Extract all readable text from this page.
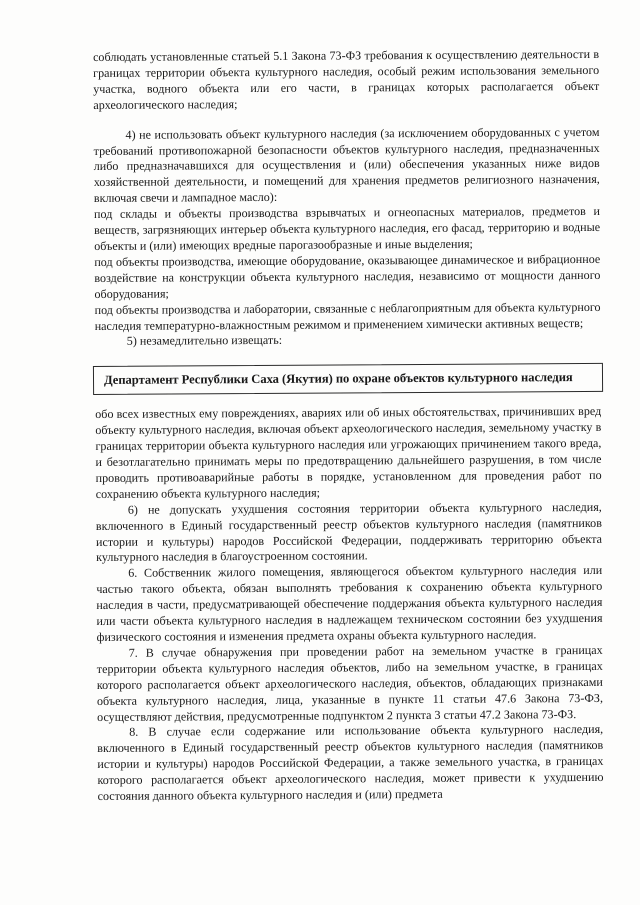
соблюдать установленные статьей 5.1 Закона 73-ФЗ требования к осуществлению деятельности в границах территории объекта культурного наследия, особый режим использования земельного участка, водного объекта или его части, в границах которых располагается объект археологического наследия;

4) не использовать объект культурного наследия (за исключением оборудованных с учетом требований противопожарной безопасности объектов культурного наследия, предназначенных либо предназначавшихся для осуществления и (или) обеспечения указанных ниже видов хозяйственной деятельности, и помещений для хранения предметов религиозного назначения, включая свечи и лампадное масло):

под склады и объекты производства взрывчатых и огнеопасных материалов, предметов и веществ, загрязняющих интерьер объекта культурного наследия, его фасад, территорию и водные объекты и (или) имеющих вредные парогазообразные и иные выделения;

под объекты производства, имеющие оборудование, оказывающее динамическое и вибрационное воздействие на конструкции объекта культурного наследия, независимо от мощности данного оборудования;

под объекты производства и лаборатории, связанные с неблагоприятным для объекта культурного наследия температурно-влажностным режимом и применением химически активных веществ;

5) незамедлительно извещать:

Департамент Республики Саха (Якутия) по охране объектов культурного наследия

обо всех известных ему повреждениях, авариях или об иных обстоятельствах, причинивших вред объекту культурного наследия, включая объект археологического наследия, земельному участку в границах территории объекта культурного наследия или угрожающих причинением такого вреда, и безотлагательно принимать меры по предотвращению дальнейшего разрушения, в том числе проводить противоаварийные работы в порядке, установленном для проведения работ по сохранению объекта культурного наследия;

6) не допускать ухудшения состояния территории объекта культурного наследия, включенного в Единый государственный реестр объектов культурного наследия (памятников истории и культуры) народов Российской Федерации, поддерживать территорию объекта культурного наследия в благоустроенном состоянии.

6. Собственник жилого помещения, являющегося объектом культурного наследия или частью такого объекта, обязан выполнять требования к сохранению объекта культурного наследия в части, предусматривающей обеспечение поддержания объекта культурного наследия или части объекта культурного наследия в надлежащем техническом состоянии без ухудшения физического состояния и изменения предмета охраны объекта культурного наследия.

7. В случае обнаружения при проведении работ на земельном участке в границах территории объекта культурного наследия объектов, либо на земельном участке, в границах которого располагается объект археологического наследия, объектов, обладающих признаками объекта культурного наследия, лица, указанные в пункте 11 статьи 47.6 Закона 73-ФЗ, осуществляют действия, предусмотренные подпунктом 2 пункта 3 статьи 47.2 Закона 73-ФЗ.

8. В случае если содержание или использование объекта культурного наследия, включенного в Единый государственный реестр объектов культурного наследия (памятников истории и культуры) народов Российской Федерации, а также земельного участка, в границах которого располагается объект археологического наследия, может привести к ухудшению состояния данного объекта культурного наследия и (или) предмета
